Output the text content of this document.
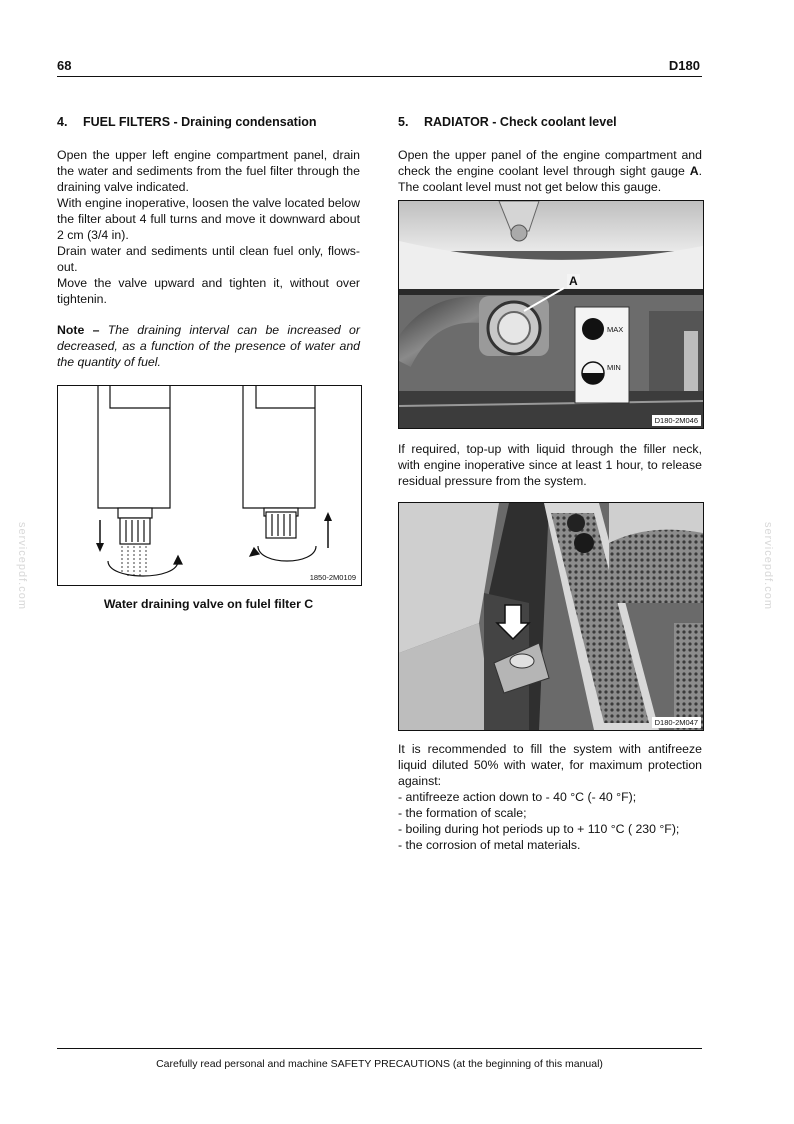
68	D180
servicepdf.com	servicepdf.com
4. FUEL FILTERS - Draining condensation

Open the upper left engine compartment panel, drain the water and sediments from the fuel filter through the draining valve indicated.

With engine inoperative, loosen the valve located below the filter about 4 full turns and move it downward about 2 cm (3/4 in).

Drain water and sediments until clean fuel only, flows-out.

Move the valve upward and tighten it, without over tightenin.

Note – The draining interval can be increased or decreased, as a function of the presence of water and the quantity of fuel.
1850-2M0109
Water draining valve on fulel filter C
5. RADIATOR - Check coolant level
Open the upper panel of the engine compartment and check the engine coolant level through sight gauge A. The coolant level must not get below this gauge.
A
MAX
MIN
D180-2M046
If required, top-up with liquid through the filler neck, with engine inoperative since at least 1 hour, to release residual pressure from the system.
D180-2M047
It is recommended to fill the system with antifreeze liquid diluted 50% with water, for maximum protection against:
- antifreeze action down to - 40 °C (- 40 °F);
- the formation of scale;
- boiling during hot periods up to + 110 °C ( 230 °F);
- the corrosion of metal materials.
Carefully read personal and machine SAFETY PRECAUTIONS (at the beginning of this manual)
